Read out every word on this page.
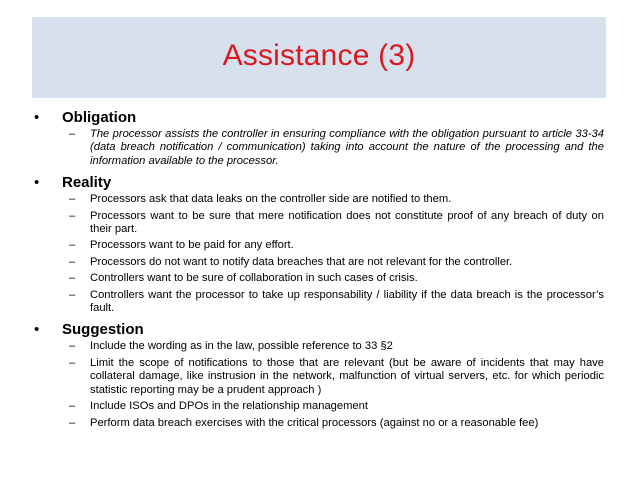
Assistance (3)
• Obligation
– The processor assists the controller in ensuring compliance with the obligation pursuant to article 33-34 (data breach notification / communication) taking into account the nature of the processing and the information available to the processor.
• Reality
– Processors ask that data leaks on the controller side are notified to them.
– Processors want to be sure that mere notification does not constitute proof of any breach of duty on their part.
– Processors want to be paid for any effort.
– Processors do not want to notify data breaches that are not relevant for the controller.
– Controllers want to be sure of collaboration in such cases of crisis.
– Controllers want the processor to take up responsability / liability if the data breach is the processor’s fault.
• Suggestion
– Include the wording as in the law, possible reference to 33 §2
– Limit the scope of notifications to those that are relevant (but be aware of incidents that may have collateral damage, like instrusion in the network, malfunction of virtual servers, etc. for which periodic statistic reporting may be a prudent approach )
– Include ISOs and DPOs in the relationship management
– Perform data breach exercises with the critical processors (against no or a reasonable fee)
